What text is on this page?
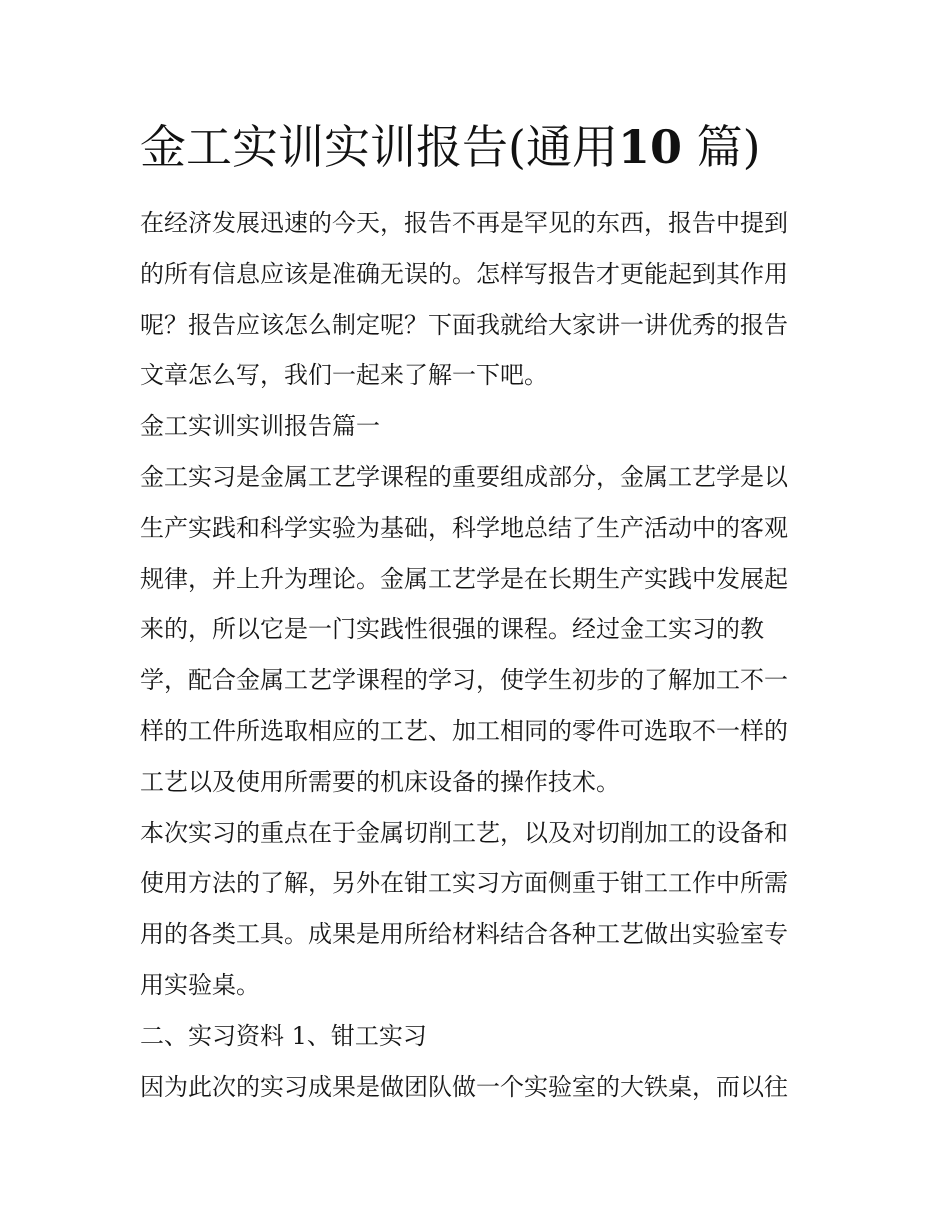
金工实训实训报告(通用10 篇)

在经济发展迅速的今天，报告不再是罕见的东西，报告中提到
的所有信息应该是准确无误的。怎样写报告才更能起到其作用
呢？报告应该怎么制定呢？下面我就给大家讲一讲优秀的报告
文章怎么写，我们一起来了解一下吧。

金工实训实训报告篇一

金工实习是金属工艺学课程的重要组成部分，金属工艺学是以
生产实践和科学实验为基础，科学地总结了生产活动中的客观
规律，并上升为理论。金属工艺学是在长期生产实践中发展起
来的，所以它是一门实践性很强的课程。经过金工实习的教
学，配合金属工艺学课程的学习，使学生初步的了解加工不一
样的工件所选取相应的工艺、加工相同的零件可选取不一样的
工艺以及使用所需要的机床设备的操作技术。

本次实习的重点在于金属切削工艺，以及对切削加工的设备和
使用方法的了解，另外在钳工实习方面侧重于钳工工作中所需
用的各类工具。成果是用所给材料结合各种工艺做出实验室专
用实验桌。

二、实习资料 1、钳工实习

因为此次的实习成果是做团队做一个实验室的大铁桌，而以往
